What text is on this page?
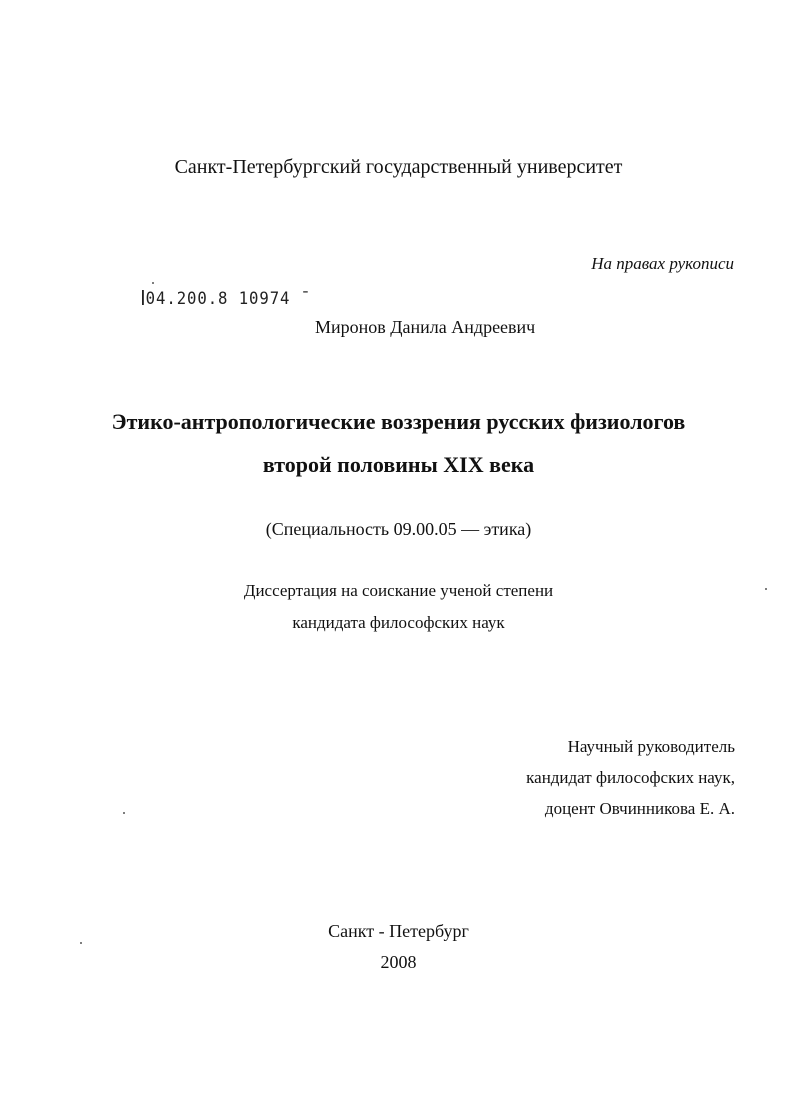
Санкт-Петербургский государственный университет
На правах рукописи
04.200.8 10974 ˉ
Миронов Данила Андреевич
Этико-антропологические воззрения русских физиологов
второй половины XIX века
(Специальность 09.00.05 — этика)
Диссертация на соискание ученой степени
кандидата философских наук
Научный руководитель
кандидат философских наук,
доцент Овчинникова Е. А.
Санкт - Петербург
2008
